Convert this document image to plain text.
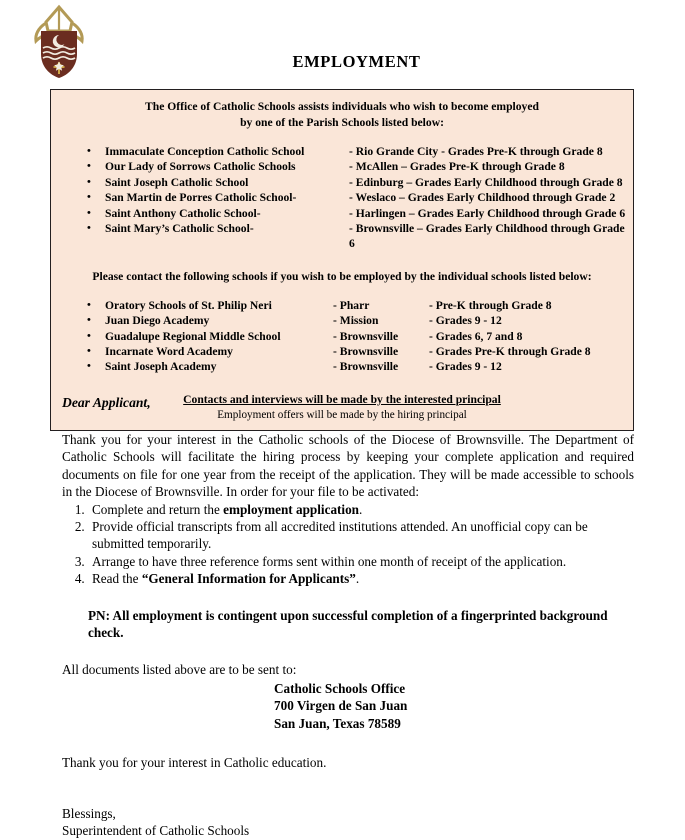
EMPLOYMENT
The Office of Catholic Schools assists individuals who wish to become employed
by one of the Parish Schools listed below:
•	Immaculate Conception Catholic School	- Rio Grande City - Grades Pre-K through Grade 8
•	Our Lady of Sorrows Catholic Schools	- McAllen – Grades Pre-K through Grade 8
•	Saint Joseph Catholic School	- Edinburg – Grades Early Childhood through Grade 8
•	San Martin de Porres Catholic School-	- Weslaco – Grades Early Childhood through Grade 2
•	Saint Anthony Catholic School-	- Harlingen – Grades Early Childhood through Grade 6
•	Saint Mary’s Catholic School-	- Brownsville – Grades Early Childhood through Grade 6
Please contact the following schools if you wish to be employed by the individual schools listed below:
•	Oratory Schools of St. Philip Neri	- Pharr	- Pre-K through Grade 8
•	Juan Diego Academy	- Mission	- Grades 9 - 12
•	Guadalupe Regional Middle School	- Brownsville	- Grades 6, 7 and 8
•	Incarnate Word Academy	- Brownsville	- Grades Pre-K through Grade 8
•	Saint Joseph Academy	- Brownsville	- Grades 9 - 12
Contacts and interviews will be made by the interested principal
Employment offers will be made by the hiring principal
Dear Applicant,
Thank you for your interest in the Catholic schools of the Diocese of Brownsville. The Department of Catholic Schools will facilitate the hiring process by keeping your complete application and required documents on file for one year from the receipt of the application. They will be made accessible to schools in the Diocese of Brownsville. In order for your file to be activated:
1. Complete and return the employment application.
2. Provide official transcripts from all accredited institutions attended. An unofficial copy can be submitted temporarily.
3. Arrange to have three reference forms sent within one month of receipt of the application.
4. Read the “General Information for Applicants”.
PN: All employment is contingent upon successful completion of a fingerprinted background check.
All documents listed above are to be sent to:
Catholic Schools Office
700 Virgen de San Juan
San Juan, Texas 78589
Thank you for your interest in Catholic education.
Blessings,
Superintendent of Catholic Schools
